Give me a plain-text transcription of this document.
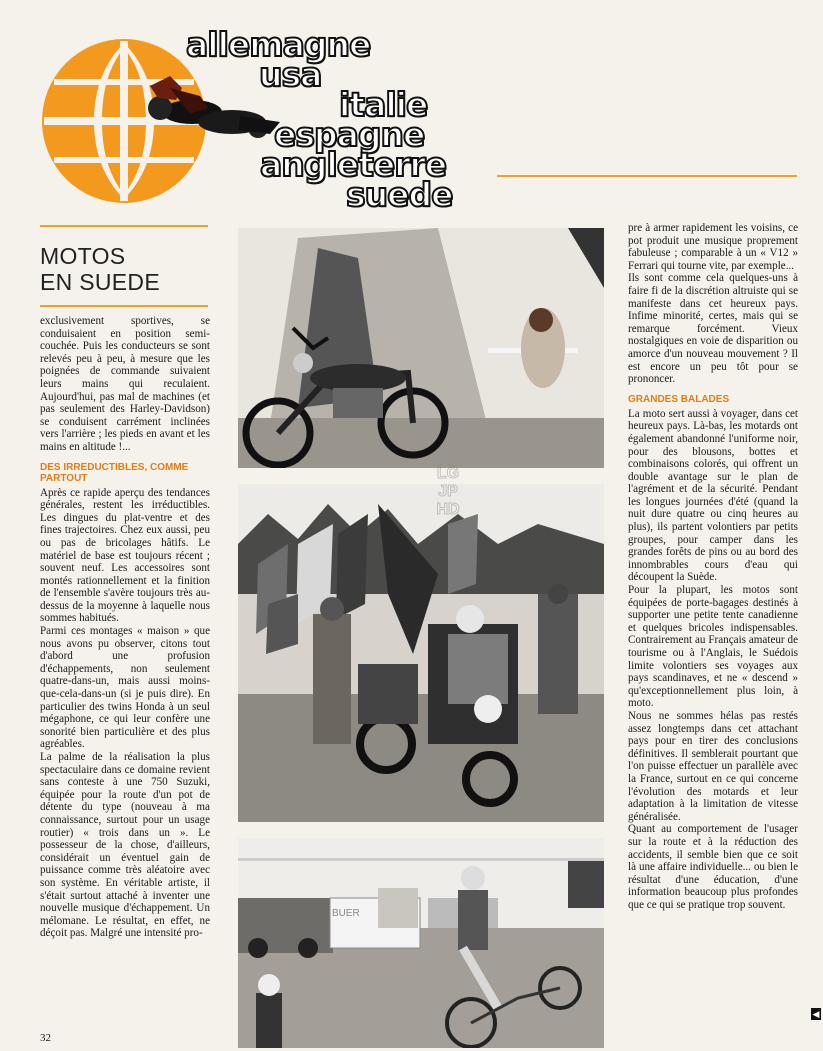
allemagne
usa
italie
espagne
angleterre
suede
MOTOS
EN SUEDE

exclusivement sportives, se conduisaient en position semi-couchée. Puis les conducteurs se sont relevés peu à peu, à mesure que les poignées de commande suivaient leurs mains qui reculaient. Aujourd'hui, pas mal de machines (et pas seulement des Harley-Davidson) se conduisent carrément inclinées vers l'arrière ; les pieds en avant et les mains en altitude !...

DES IRREDUCTIBLES, COMME PARTOUT

Après ce rapide aperçu des tendances générales, restent les irréductibles. Les dingues du plat-ventre et des fines trajectoires. Chez eux aussi, peu ou pas de bricolages hâtifs. Le matériel de base est toujours récent ; souvent neuf. Les accessoires sont montés rationnellement et la finition de l'ensemble s'avère toujours très au-dessus de la moyenne à laquelle nous sommes habitués.

Parmi ces montages « maison » que nous avons pu observer, citons tout d'abord une profusion d'échappements, non seulement quatre-dans-un, mais aussi moins-que-cela-dans-un (si je puis dire). En particulier des twins Honda à un seul mégaphone, ce qui leur confère une sonorité bien particulière et des plus agréables.

La palme de la réalisation la plus spectaculaire dans ce domaine revient sans conteste à une 750 Suzuki, équipée pour la route d'un pot de détente du type (nouveau à ma connaissance, surtout pour un usage routier) « trois dans un ». Le possesseur de la chose, d'ailleurs, considérait un éventuel gain de puissance comme très aléatoire avec son système. En véritable artiste, il s'était surtout attaché à inventer une nouvelle musique d'échappement. Un mélomane. Le résultat, en effet, ne déçoit pas. Malgré une intensité pro-

32
LG
JP
HD
BUER

pre à armer rapidement les voisins, ce pot produit une musique proprement fabuleuse ; comparable à un « V12 » Ferrari qui tourne vite, par exemple...

Ils sont comme cela quelques-uns à faire fi de la discrétion altruiste qui se manifeste dans cet heureux pays. Infime minorité, certes, mais qui se remarque forcément. Vieux nostalgiques en voie de disparition ou amorce d'un nouveau mouvement ? Il est encore un peu tôt pour se prononcer.

GRANDES BALADES

La moto sert aussi à voyager, dans cet heureux pays. Là-bas, les motards ont également abandonné l'uniforme noir, pour des blousons, bottes et combinaisons colorés, qui offrent un double avantage sur le plan de l'agrément et de la sécurité. Pendant les longues journées d'été (quand la nuit dure quatre ou cinq heures au plus), ils partent volontiers par petits groupes, pour camper dans les grandes forêts de pins ou au bord des innombrables cours d'eau qui découpent la Suède.

Pour la plupart, les motos sont équipées de porte-bagages destinés à supporter une petite tente canadienne et quelques bricoles indispensables. Contrairement au Français amateur de tourisme ou à l'Anglais, le Suédois limite volontiers ses voyages aux pays scandinaves, et ne « descend » qu'exceptionnellement plus loin, à moto.

Nous ne sommes hélas pas restés assez longtemps dans cet attachant pays pour en tirer des conclusions définitives. Il semblerait pourtant que l'on puisse effectuer un parallèle avec la France, surtout en ce qui concerne l'évolution des motards et leur adaptation à la limitation de vitesse généralisée.

Quant au comportement de l'usager sur la route et à la réduction des accidents, il semble bien que ce soit là une affaire individuelle... ou bien le résultat d'une éducation, d'une information beaucoup plus profondes que ce qui se pratique trop souvent.

◀
